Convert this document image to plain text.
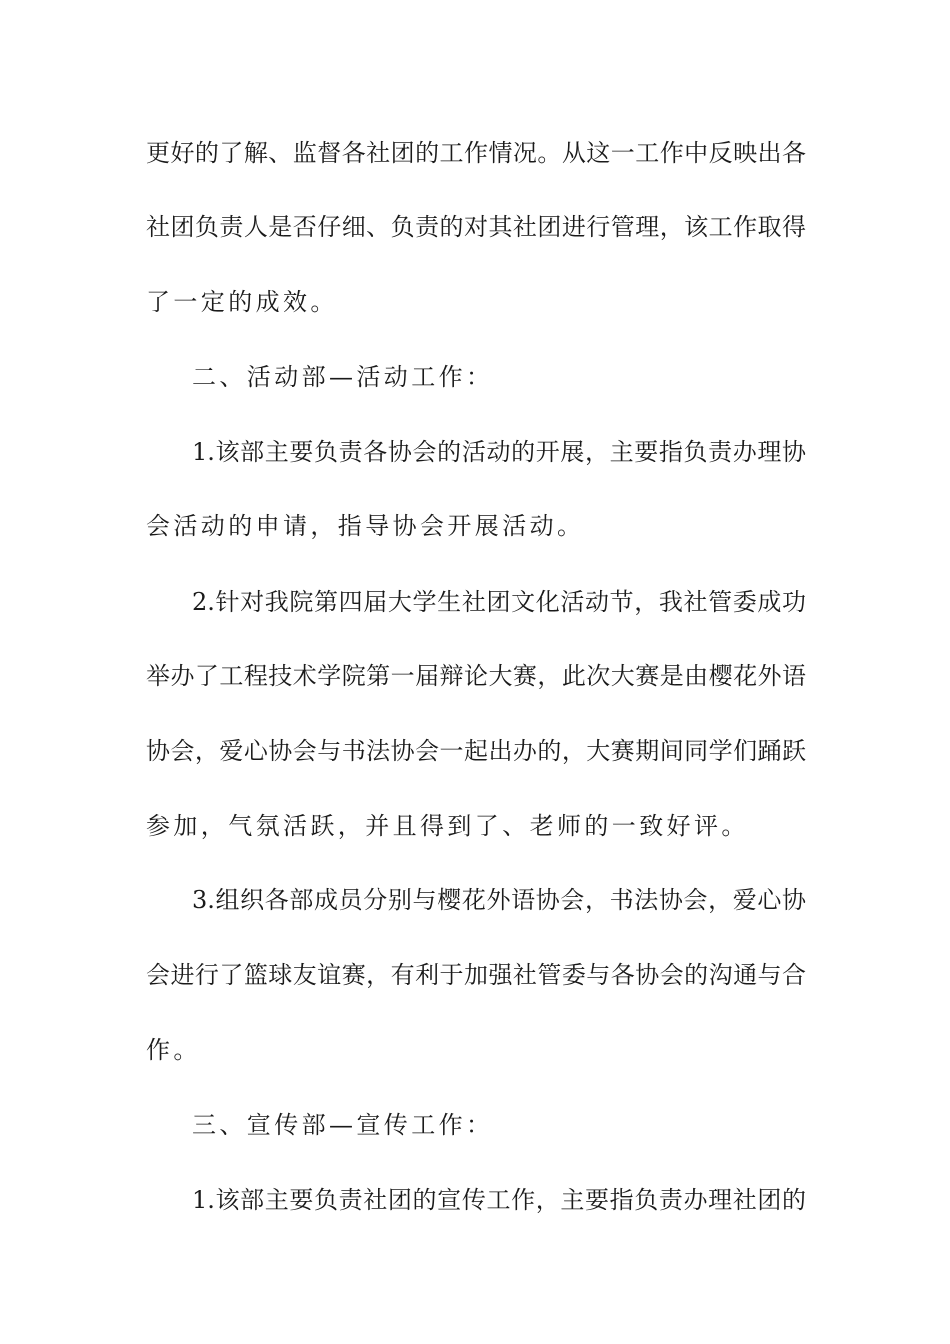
更好的了解、监督各社团的工作情况。从这一工作中反映出各
社团负责人是否仔细、负责的对其社团进行管理，该工作取得
了一定的成效。
二、活动部—活动工作：
1.该部主要负责各协会的活动的开展，主要指负责办理协
会活动的申请，指导协会开展活动。
2.针对我院第四届大学生社团文化活动节，我社管委成功
举办了工程技术学院第一届辩论大赛，此次大赛是由樱花外语
协会，爱心协会与书法协会一起出办的，大赛期间同学们踊跃
参加，气氛活跃，并且得到了、老师的一致好评。
3.组织各部成员分别与樱花外语协会，书法协会，爱心协
会进行了篮球友谊赛，有利于加强社管委与各协会的沟通与合
作。
三、宣传部—宣传工作：
1.该部主要负责社团的宣传工作，主要指负责办理社团的
